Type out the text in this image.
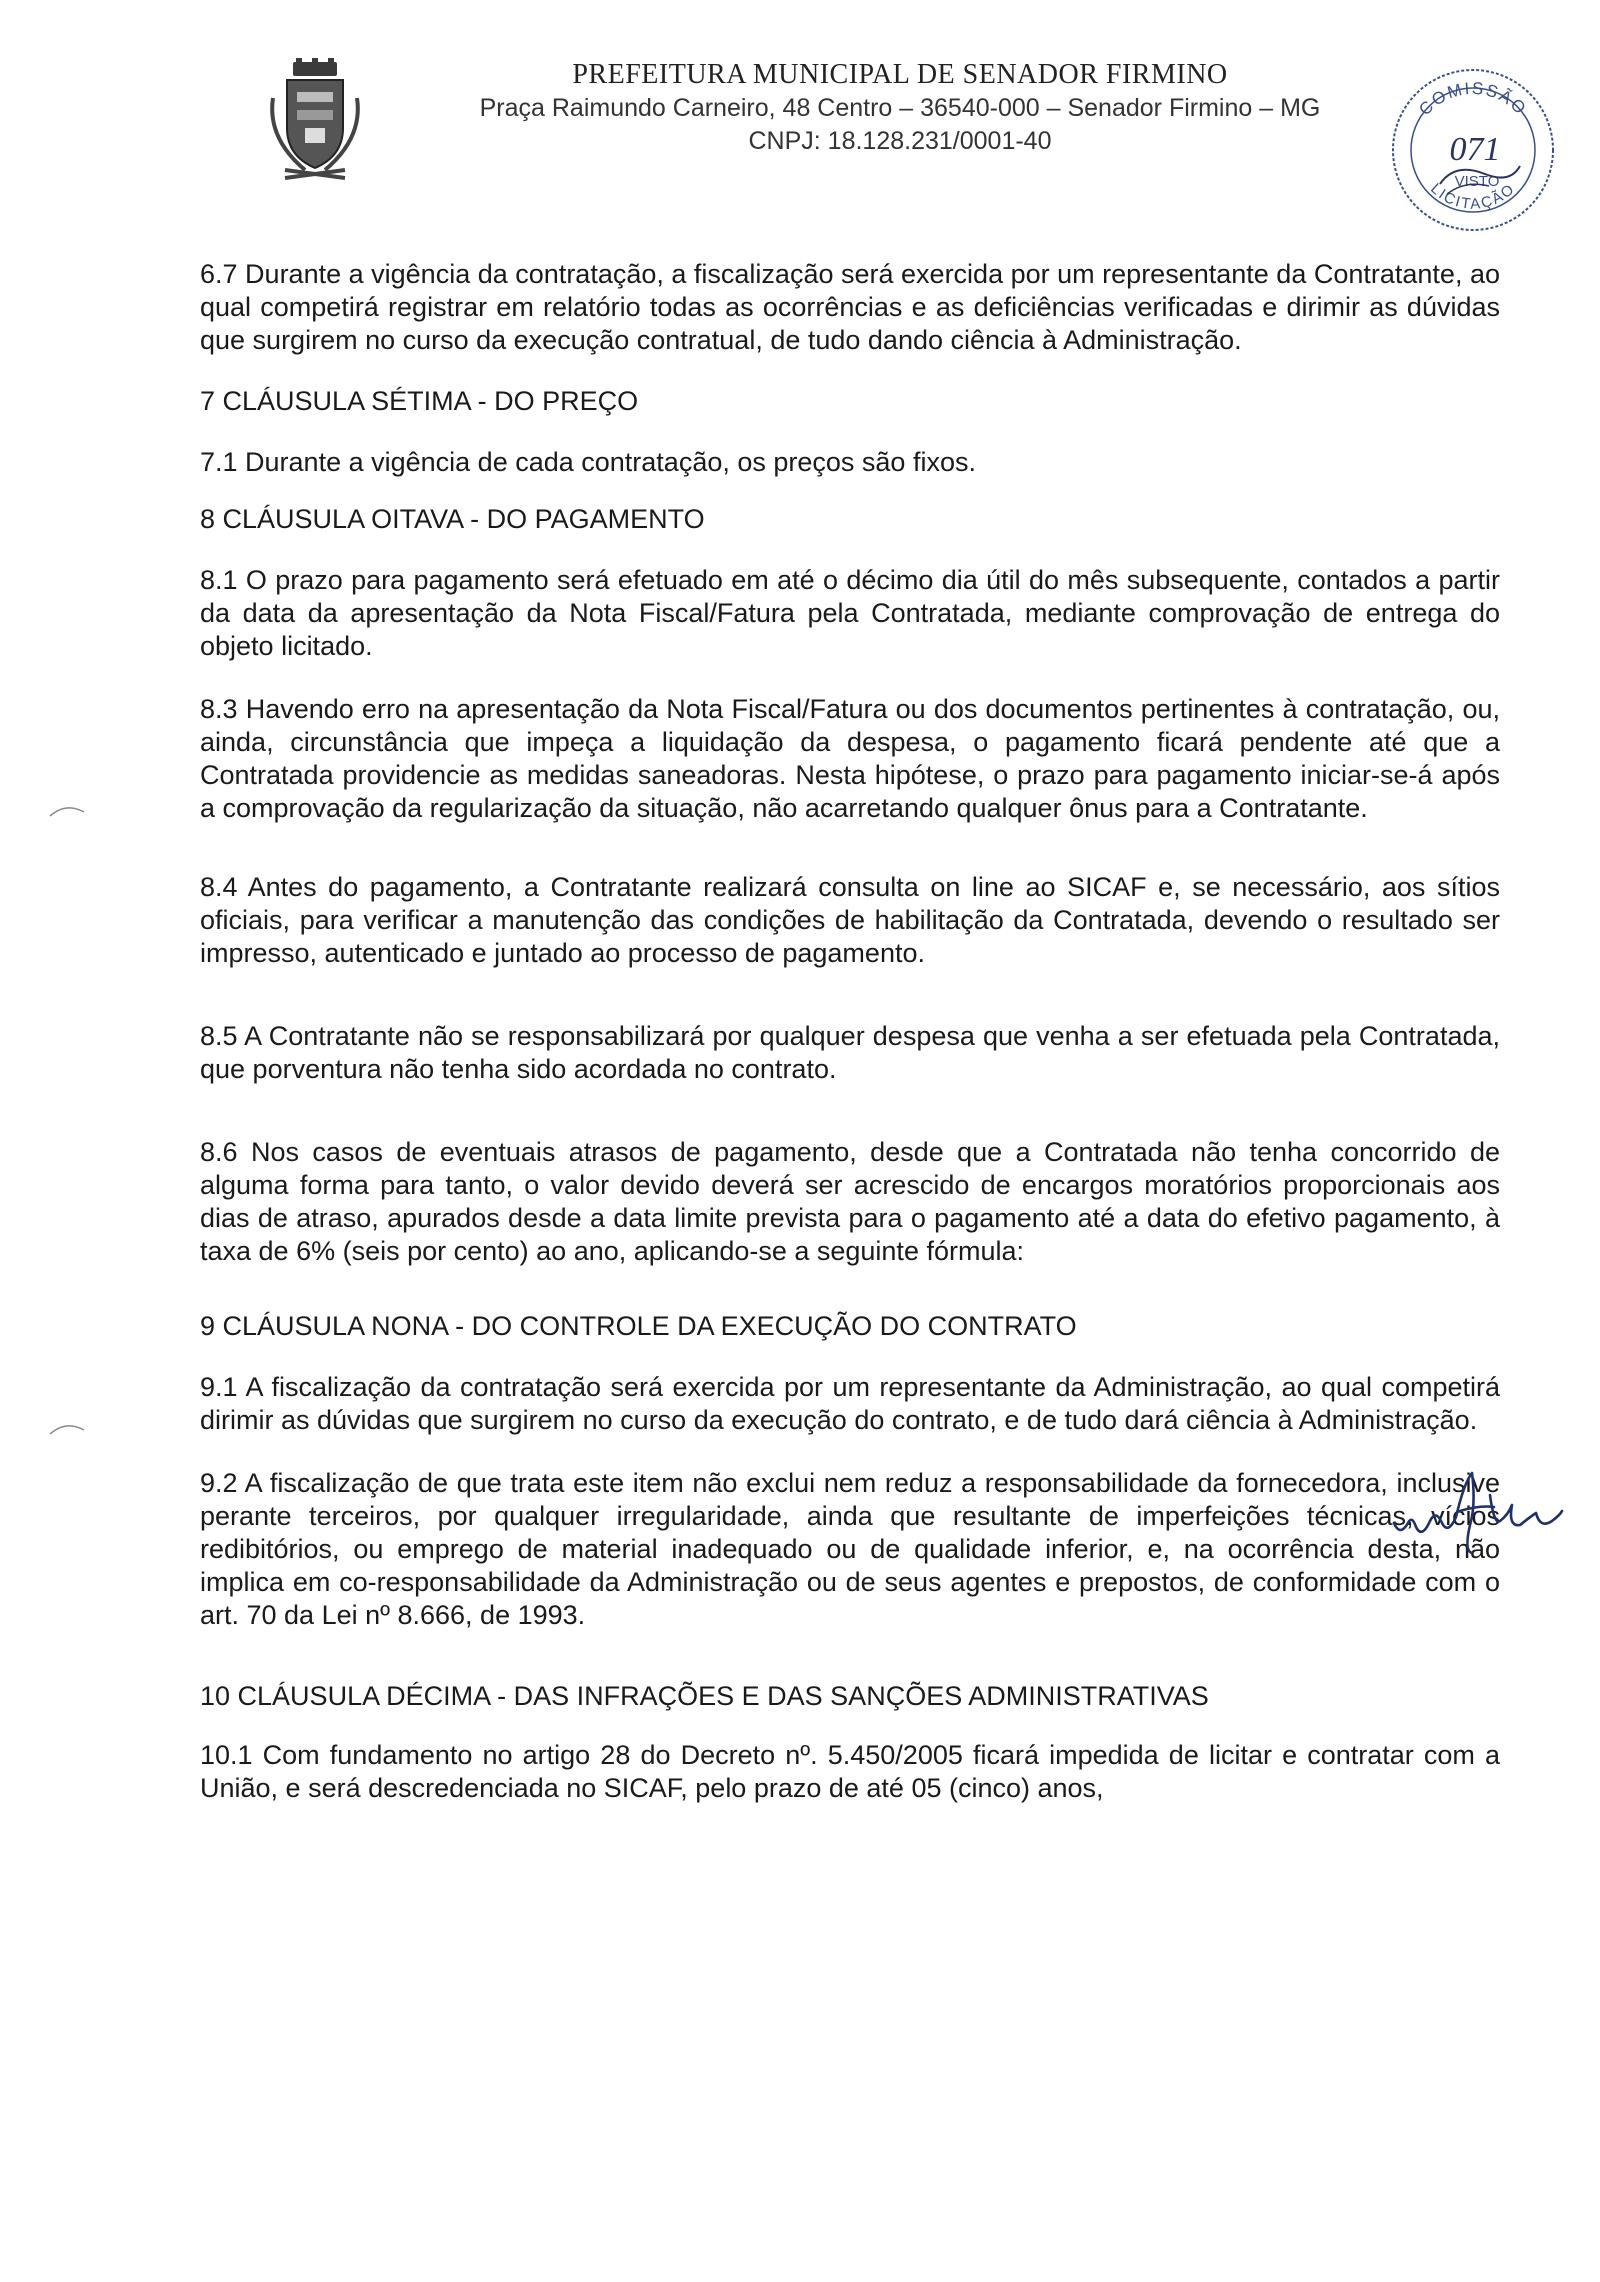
PREFEITURA MUNICIPAL DE SENADOR FIRMINO

Praça Raimundo Carneiro, 48 Centro – 36540-000 – Senador Firmino – MG

CNPJ: 18.128.231/0001-40

COMISSÃO
071
VISTO
LICITAÇÃO

6.7 Durante a vigência da contratação, a fiscalização será exercida por um representante da Contratante, ao qual competirá registrar em relatório todas as ocorrências e as deficiências verificadas e dirimir as dúvidas que surgirem no curso da execução contratual, de tudo dando ciência à Administração.

7 CLÁUSULA SÉTIMA - DO PREÇO

7.1 Durante a vigência de cada contratação, os preços são fixos.

8 CLÁUSULA OITAVA - DO PAGAMENTO

8.1 O prazo para pagamento será efetuado em até o décimo dia útil do mês subsequente, contados a partir da data da apresentação da Nota Fiscal/Fatura pela Contratada, mediante comprovação de entrega do objeto licitado.

8.3 Havendo erro na apresentação da Nota Fiscal/Fatura ou dos documentos pertinentes à contratação, ou, ainda, circunstância que impeça a liquidação da despesa, o pagamento ficará pendente até que a Contratada providencie as medidas saneadoras. Nesta hipótese, o prazo para pagamento iniciar-se-á após a comprovação da regularização da situação, não acarretando qualquer ônus para a Contratante.

8.4 Antes do pagamento, a Contratante realizará consulta on line ao SICAF e, se necessário, aos sítios oficiais, para verificar a manutenção das condições de habilitação da Contratada, devendo o resultado ser impresso, autenticado e juntado ao processo de pagamento.

8.5 A Contratante não se responsabilizará por qualquer despesa que venha a ser efetuada pela Contratada, que porventura não tenha sido acordada no contrato.

8.6 Nos casos de eventuais atrasos de pagamento, desde que a Contratada não tenha concorrido de alguma forma para tanto, o valor devido deverá ser acrescido de encargos moratórios proporcionais aos dias de atraso, apurados desde a data limite prevista para o pagamento até a data do efetivo pagamento, à taxa de 6% (seis por cento) ao ano, aplicando-se a seguinte fórmula:

9 CLÁUSULA NONA - DO CONTROLE DA EXECUÇÃO DO CONTRATO

9.1 A fiscalização da contratação será exercida por um representante da Administração, ao qual competirá dirimir as dúvidas que surgirem no curso da execução do contrato, e de tudo dará ciência à Administração.

9.2 A fiscalização de que trata este item não exclui nem reduz a responsabilidade da fornecedora, inclusive perante terceiros, por qualquer irregularidade, ainda que resultante de imperfeições técnicas, vícios redibitórios, ou emprego de material inadequado ou de qualidade inferior, e, na ocorrência desta, não implica em co-responsabilidade da Administração ou de seus agentes e prepostos, de conformidade com o art. 70 da Lei nº 8.666, de 1993.

10 CLÁUSULA DÉCIMA - DAS INFRAÇÕES E DAS SANÇÕES ADMINISTRATIVAS

10.1 Com fundamento no artigo 28 do Decreto nº. 5.450/2005 ficará impedida de licitar e contratar com a União, e será descredenciada no SICAF, pelo prazo de até 05 (cinco) anos,
